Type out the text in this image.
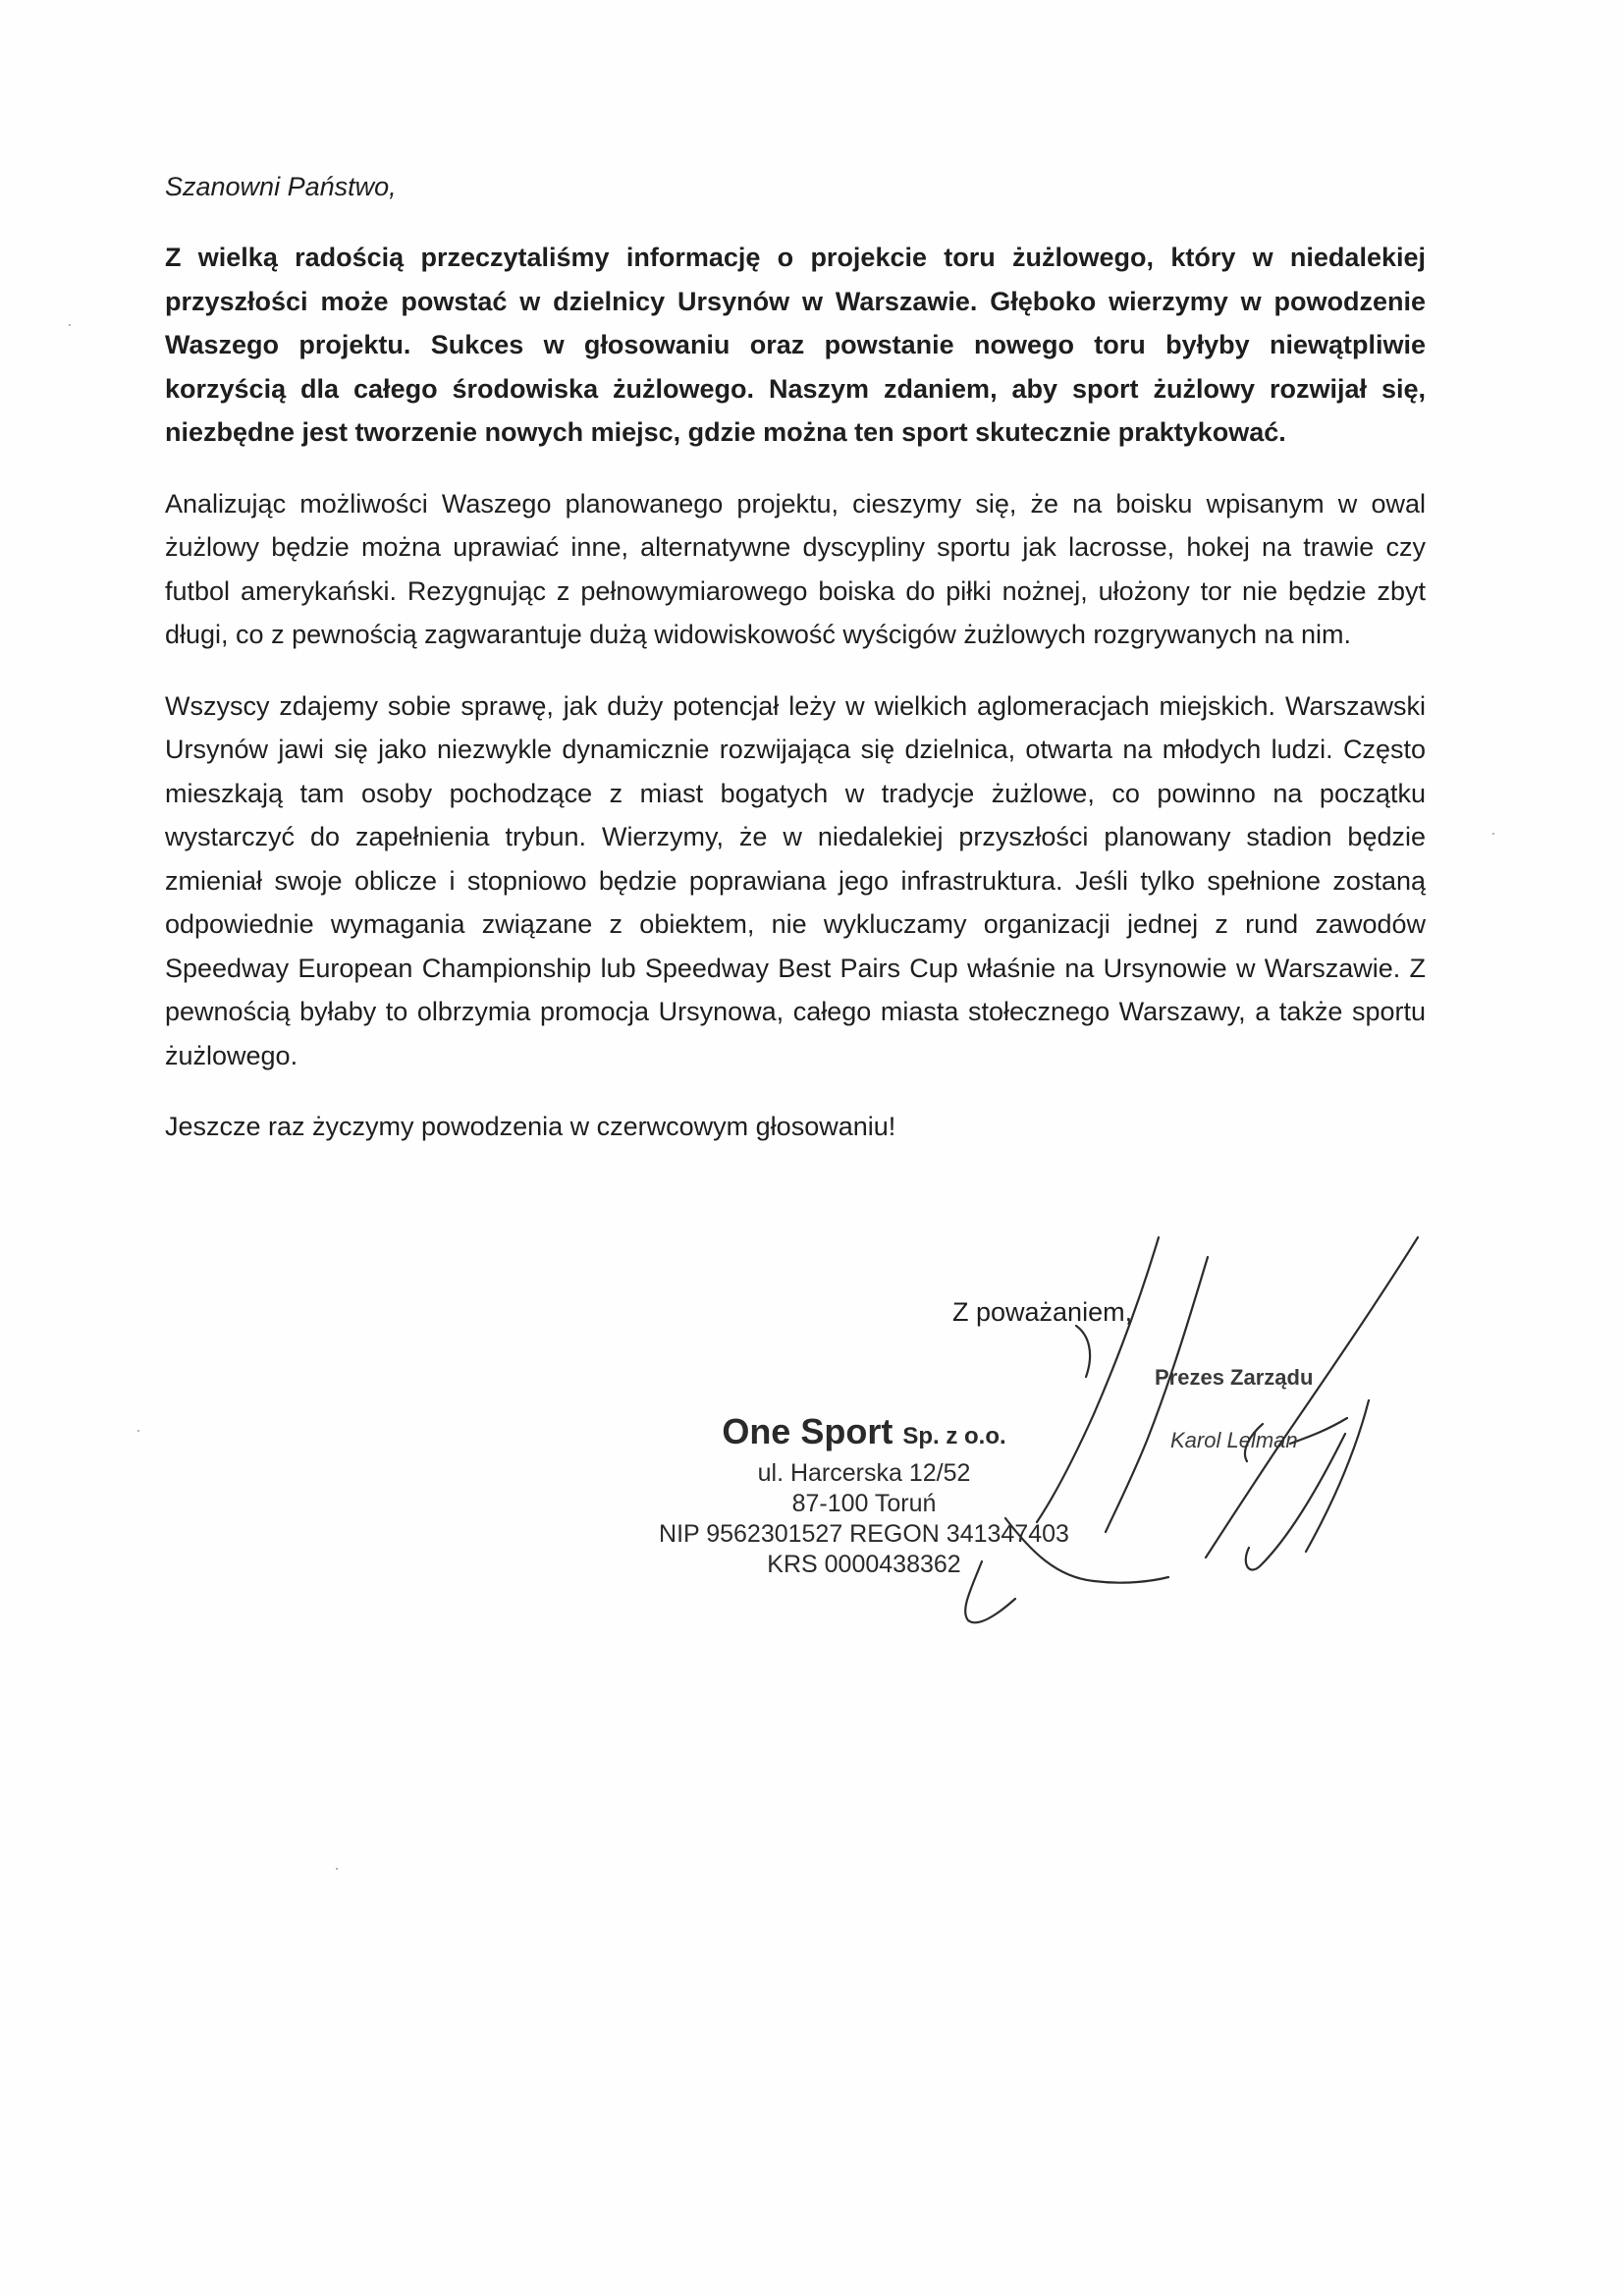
Szanowni Państwo,

Z wielką radością przeczytaliśmy informację o projekcie toru żużlowego, który w niedalekiej przyszłości może powstać w dzielnicy Ursynów w Warszawie. Głęboko wierzymy w powodzenie Waszego projektu. Sukces w głosowaniu oraz powstanie nowego toru byłyby niewątpliwie korzyścią dla całego środowiska żużlowego. Naszym zdaniem, aby sport żużlowy rozwijał się, niezbędne jest tworzenie nowych miejsc, gdzie można ten sport skutecznie praktykować.

Analizując możliwości Waszego planowanego projektu, cieszymy się, że na boisku wpisanym w owal żużlowy będzie można uprawiać inne, alternatywne dyscypliny sportu jak lacrosse, hokej na trawie czy futbol amerykański. Rezygnując z pełnowymiarowego boiska do piłki nożnej, ułożony tor nie będzie zbyt długi, co z pewnością zagwarantuje dużą widowiskowość wyścigów żużlowych rozgrywanych na nim.

Wszyscy zdajemy sobie sprawę, jak duży potencjał leży w wielkich aglomeracjach miejskich. Warszawski Ursynów jawi się jako niezwykle dynamicznie rozwijająca się dzielnica, otwarta na młodych ludzi. Często mieszkają tam osoby pochodzące z miast bogatych w tradycje żużlowe, co powinno na początku wystarczyć do zapełnienia trybun. Wierzymy, że w niedalekiej przyszłości planowany stadion będzie zmieniał swoje oblicze i stopniowo będzie poprawiana jego infrastruktura. Jeśli tylko spełnione zostaną odpowiednie wymagania związane z obiektem, nie wykluczamy organizacji jednej z rund zawodów Speedway European Championship lub Speedway Best Pairs Cup właśnie na Ursynowie w Warszawie. Z pewnością byłaby to olbrzymia promocja Ursynowa, całego miasta stołecznego Warszawy, a także sportu żużlowego.

Jeszcze raz życzymy powodzenia w czerwcowym głosowaniu!

Z poważaniem,
Prezes Zarządu
Karol Lelman
One Sport Sp. z o.o.
ul. Harcerska 12/52
87-100 Toruń
NIP 9562301527 REGON 341347403
KRS 0000438362
